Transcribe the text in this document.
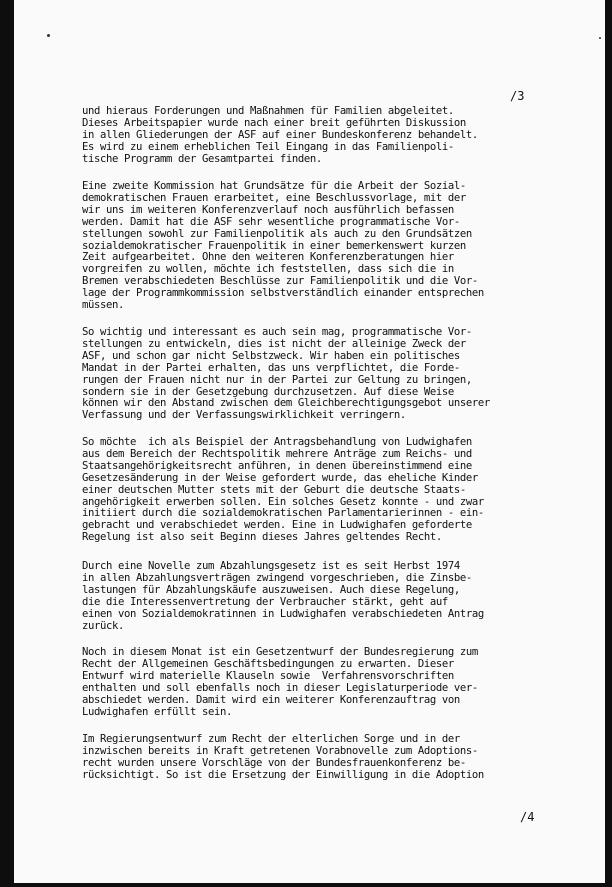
/3

und hieraus Forderungen und Maßnahmen für Familien abgeleitet.
Dieses Arbeitspapier wurde nach einer breit geführten Diskussion
in allen Gliederungen der ASF auf einer Bundeskonferenz behandelt.
Es wird zu einem erheblichen Teil Eingang in das Familienpoli-
tische Programm der Gesamtpartei finden.

Eine zweite Kommission hat Grundsätze für die Arbeit der Sozial-
demokratischen Frauen erarbeitet, eine Beschlussvorlage, mit der
wir uns im weiteren Konferenzverlauf noch ausführlich befassen
werden. Damit hat die ASF sehr wesentliche programmatische Vor-
stellungen sowohl zur Familienpolitik als auch zu den Grundsätzen
sozialdemokratischer Frauenpolitik in einer bemerkenswert kurzen
Zeit aufgearbeitet. Ohne den weiteren Konferenzberatungen hier
vorgreifen zu wollen, möchte ich feststellen, dass sich die in
Bremen verabschiedeten Beschlüsse zur Familienpolitik und die Vor-
lage der Programmkommission selbstverständlich einander entsprechen
müssen.

So wichtig und interessant es auch sein mag, programmatische Vor-
stellungen zu entwickeln, dies ist nicht der alleinige Zweck der
ASF, und schon gar nicht Selbstzweck. Wir haben ein politisches
Mandat in der Partei erhalten, das uns verpflichtet, die Forde-
rungen der Frauen nicht nur in der Partei zur Geltung zu bringen,
sondern sie in der Gesetzgebung durchzusetzen. Auf diese Weise
können wir den Abstand zwischen dem Gleichberechtigungsgebot unserer
Verfassung und der Verfassungswirklichkeit verringern.

So möchte  ich als Beispiel der Antragsbehandlung von Ludwighafen
aus dem Bereich der Rechtspolitik mehrere Anträge zum Reichs- und
Staatsangehörigkeitsrecht anführen, in denen übereinstimmend eine
Gesetzesänderung in der Weise gefordert wurde, das eheliche Kinder
einer deutschen Mutter stets mit der Geburt die deutsche Staats-
angehörigkeit erwerben sollen. Ein solches Gesetz konnte - und zwar
initiiert durch die sozialdemokratischen Parlamentarierinnen - ein-
gebracht und verabschiedet werden. Eine in Ludwighafen geforderte
Regelung ist also seit Beginn dieses Jahres geltendes Recht.

Durch eine Novelle zum Abzahlungsgesetz ist es seit Herbst 1974
in allen Abzahlungsverträgen zwingend vorgeschrieben, die Zinsbe-
lastungen für Abzahlungskäufe auszuweisen. Auch diese Regelung,
die die Interessenvertretung der Verbraucher stärkt, geht auf
einen von Sozialdemokratinnen in Ludwighafen verabschiedeten Antrag
zurück.

Noch in diesem Monat ist ein Gesetzentwurf der Bundesregierung zum
Recht der Allgemeinen Geschäftsbedingungen zu erwarten. Dieser
Entwurf wird materielle Klauseln sowie  Verfahrensvorschriften
enthalten und soll ebenfalls noch in dieser Legislaturperiode ver-
abschiedet werden. Damit wird ein weiterer Konferenzauftrag von
Ludwighafen erfüllt sein.

Im Regierungsentwurf zum Recht der elterlichen Sorge und in der
inzwischen bereits in Kraft getretenen Vorabnovelle zum Adoptions-
recht wurden unsere Vorschläge von der Bundesfrauenkonferenz be-
rücksichtigt. So ist die Ersetzung der Einwilligung in die Adoption

/4
